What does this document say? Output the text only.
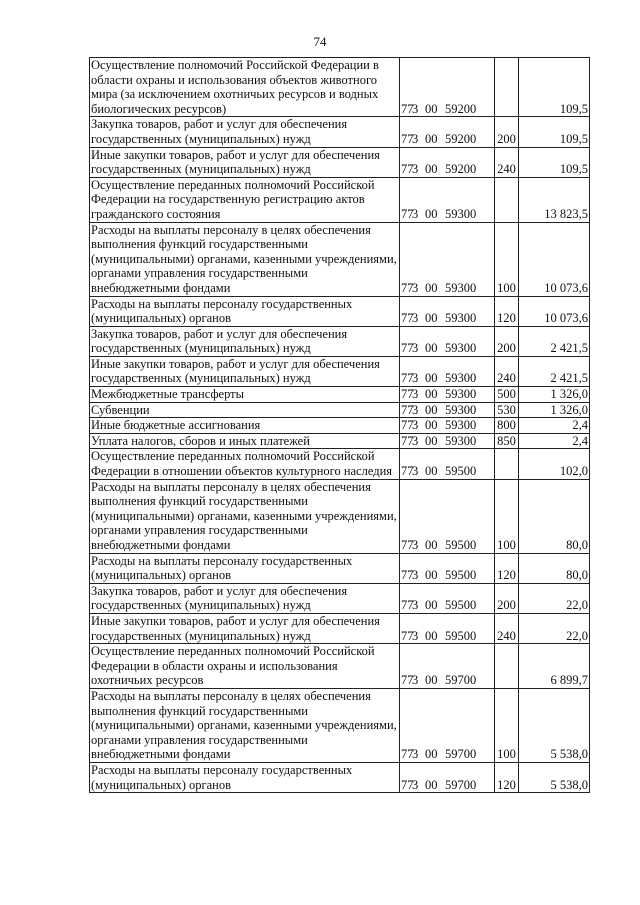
74
Осуществление полномочий Российской Федерации в области охраны и использования объектов животного мира (за исключением охотничьих ресурсов и водных биологических ресурсов)	773 00 59200		109,5
Закупка товаров, работ и услуг для обеспечения государственных (муниципальных) нужд	773 00 59200	200	109,5
Иные закупки товаров, работ и услуг для обеспечения государственных (муниципальных) нужд	773 00 59200	240	109,5
Осуществление переданных полномочий Российской Федерации на государственную регистрацию актов гражданского состояния	773 00 59300		13 823,5
Расходы на выплаты персоналу в целях обеспечения выполнения функций государственными (муниципальными) органами, казенными учреждениями, органами управления государственными внебюджетными фондами	773 00 59300	100	10 073,6
Расходы на выплаты персоналу государственных (муниципальных) органов	773 00 59300	120	10 073,6
Закупка товаров, работ и услуг для обеспечения государственных (муниципальных) нужд	773 00 59300	200	2 421,5
Иные закупки товаров, работ и услуг для обеспечения государственных (муниципальных) нужд	773 00 59300	240	2 421,5
Межбюджетные трансферты	773 00 59300	500	1 326,0
Субвенции	773 00 59300	530	1 326,0
Иные бюджетные ассигнования	773 00 59300	800	2,4
Уплата налогов, сборов и иных платежей	773 00 59300	850	2,4
Осуществление переданных полномочий Российской Федерации в отношении объектов культурного наследия	773 00 59500		102,0
Расходы на выплаты персоналу в целях обеспечения выполнения функций государственными (муниципальными) органами, казенными учреждениями, органами управления государственными внебюджетными фондами	773 00 59500	100	80,0
Расходы на выплаты персоналу государственных (муниципальных) органов	773 00 59500	120	80,0
Закупка товаров, работ и услуг для обеспечения государственных (муниципальных) нужд	773 00 59500	200	22,0
Иные закупки товаров, работ и услуг для обеспечения государственных (муниципальных) нужд	773 00 59500	240	22,0
Осуществление переданных полномочий Российской Федерации в области охраны и использования охотничьих ресурсов	773 00 59700		6 899,7
Расходы на выплаты персоналу в целях обеспечения выполнения функций государственными (муниципальными) органами, казенными учреждениями, органами управления государственными внебюджетными фондами	773 00 59700	100	5 538,0
Расходы на выплаты персоналу государственных (муниципальных) органов	773 00 59700	120	5 538,0
